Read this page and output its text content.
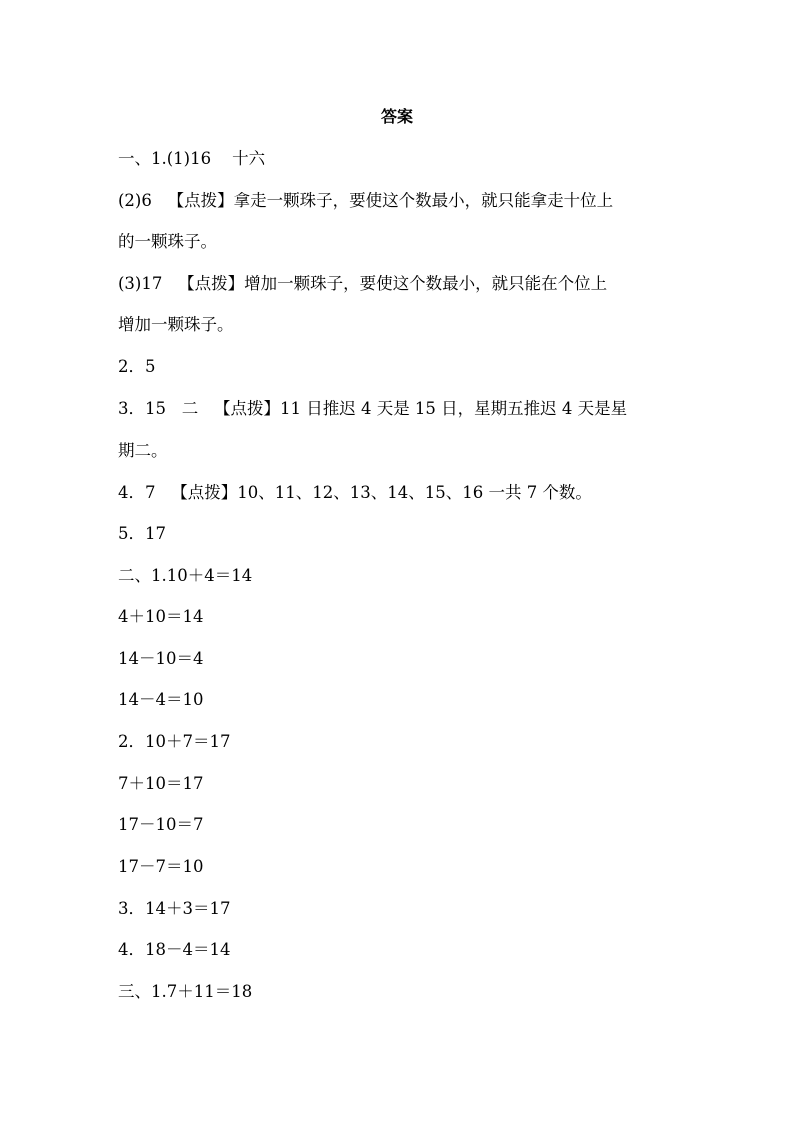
答案
一、1.(1)16    十六
(2)6   【点拨】拿走一颗珠子，要使这个数最小，就只能拿走十位上
的一颗珠子。
(3)17   【点拨】增加一颗珠子，要使这个数最小，就只能在个位上
增加一颗珠子。
2．5
3．15   二   【点拨】11 日推迟 4 天是 15 日，星期五推迟 4 天是星
期二。
4．7   【点拨】10、11、12、13、14、15、16 一共 7 个数。
5．17
二、1.10＋4＝14
4＋10＝14
14－10＝4
14－4＝10
2．10＋7＝17
7＋10＝17
17－10＝7
17－7＝10
3．14＋3＝17
4．18－4＝14
三、1.7＋11＝18
